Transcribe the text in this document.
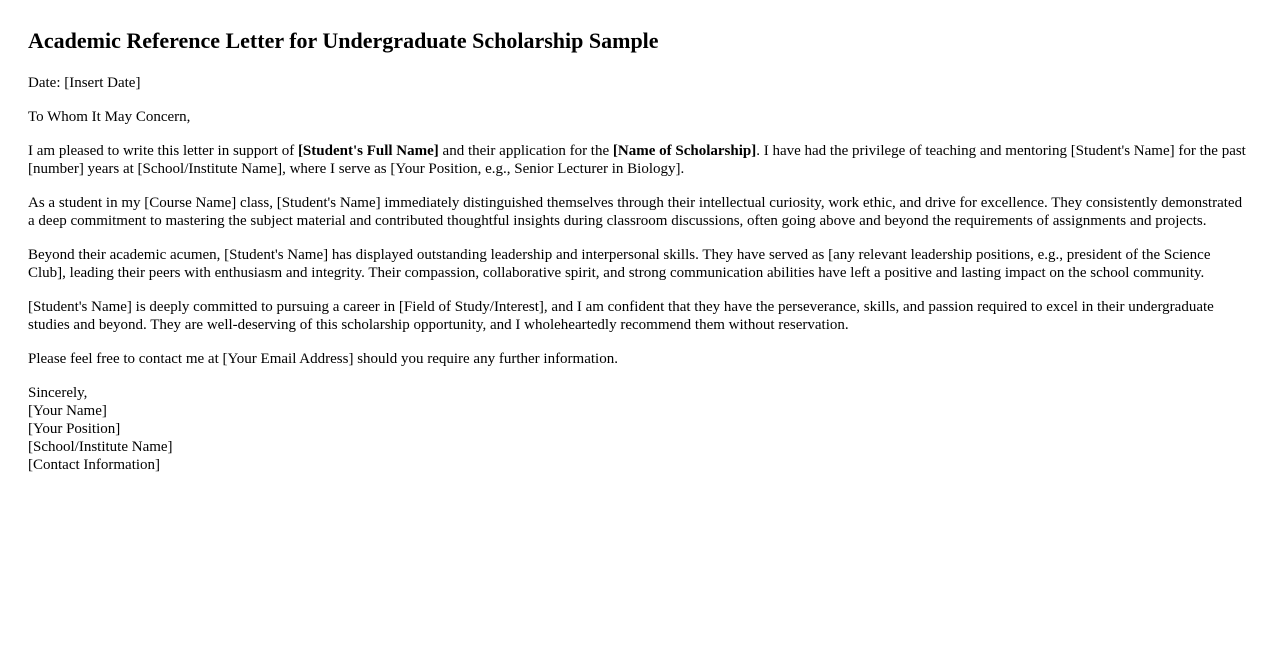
Academic Reference Letter for Undergraduate Scholarship Sample

Date: [Insert Date]

To Whom It May Concern,

I am pleased to write this letter in support of [Student's Full Name] and their application for the [Name of Scholarship]. I have had the privilege of teaching and mentoring [Student's Name] for the past [number] years at [School/Institute Name], where I serve as [Your Position, e.g., Senior Lecturer in Biology].

As a student in my [Course Name] class, [Student's Name] immediately distinguished themselves through their intellectual curiosity, work ethic, and drive for excellence. They consistently demonstrated a deep commitment to mastering the subject material and contributed thoughtful insights during classroom discussions, often going above and beyond the requirements of assignments and projects.

Beyond their academic acumen, [Student's Name] has displayed outstanding leadership and interpersonal skills. They have served as [any relevant leadership positions, e.g., president of the Science Club], leading their peers with enthusiasm and integrity. Their compassion, collaborative spirit, and strong communication abilities have left a positive and lasting impact on the school community.

[Student's Name] is deeply committed to pursuing a career in [Field of Study/Interest], and I am confident that they have the perseverance, skills, and passion required to excel in their undergraduate studies and beyond. They are well-deserving of this scholarship opportunity, and I wholeheartedly recommend them without reservation.

Please feel free to contact me at [Your Email Address] should you require any further information.

Sincerely,
[Your Name]
[Your Position]
[School/Institute Name]
[Contact Information]
